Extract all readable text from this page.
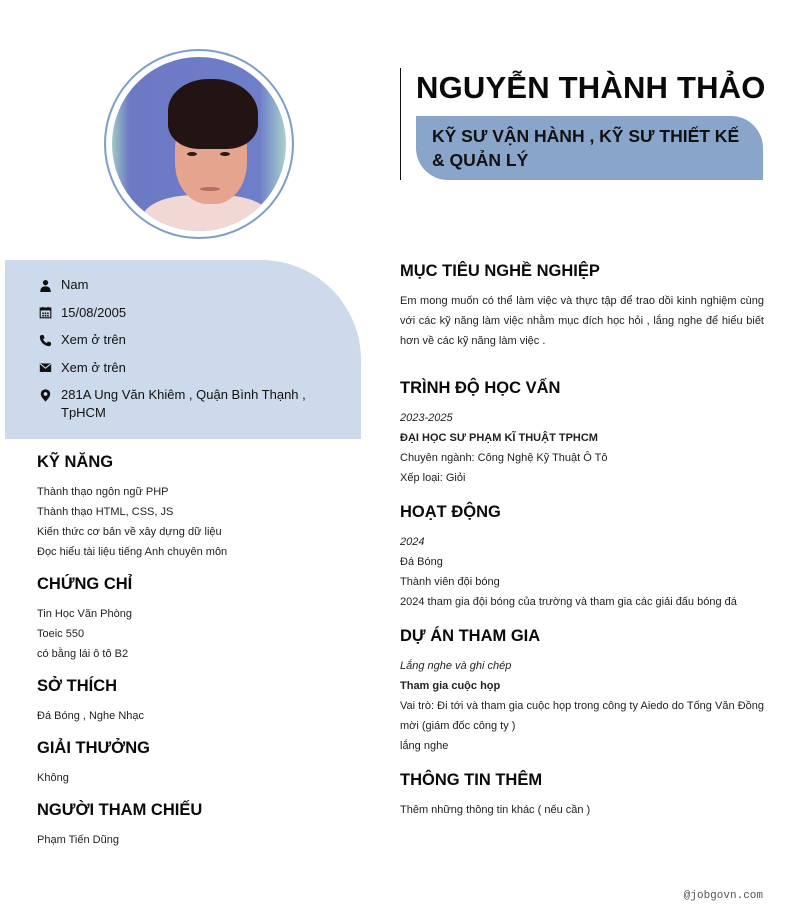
NGUYỄN THÀNH THẢO
KỸ SƯ VẬN HÀNH , KỸ SƯ THIẾT KẾ & QUẢN LÝ
Nam
15/08/2005
Xem ở trên
Xem ở trên
281A Ung Văn Khiêm , Quận Bình Thạnh , TpHCM
KỸ NĂNG
Thành thạo ngôn ngữ PHP
Thành thạo HTML, CSS, JS
Kiến thức cơ bản về xây dựng dữ liệu
Đọc hiểu tài liệu tiếng Anh chuyên môn
CHỨNG CHỈ
Tin Học Văn Phòng
Toeic 550
có bằng lái ô tô B2
SỞ THÍCH
Đá Bóng , Nghe Nhạc
GIẢI THƯỞNG
Không
NGƯỜI THAM CHIẾU
Phạm Tiến Dũng
MỤC TIÊU NGHỀ NGHIỆP
Em mong muốn có thể làm việc và thực tập để trao dồi kinh nghiệm cùng với các kỹ năng làm việc nhằm mục đích học hỏi , lắng nghe để hiểu biết hơn về các kỹ năng làm việc .
TRÌNH ĐỘ HỌC VẤN
2023-2025
ĐẠI HỌC SƯ PHẠM KĨ THUẬT TPHCM
Chuyên ngành: Công Nghệ Kỹ Thuật Ô Tô
Xếp loại: Giỏi
HOẠT ĐỘNG
2024
Đá Bóng
Thành viên đội bóng
2024 tham gia đội bóng của trường và tham gia các giải đấu bóng đá
DỰ ÁN THAM GIA
Lắng nghe và ghi chép
Tham gia cuộc họp
Vai trò: Đi tới và tham gia cuộc họp trong công ty Aiedo do Tống Văn Đồng mời (giám đốc công ty )
lắng nghe
THÔNG TIN THÊM
Thêm những thông tin khác ( nếu cần )
@jobgovn.com
